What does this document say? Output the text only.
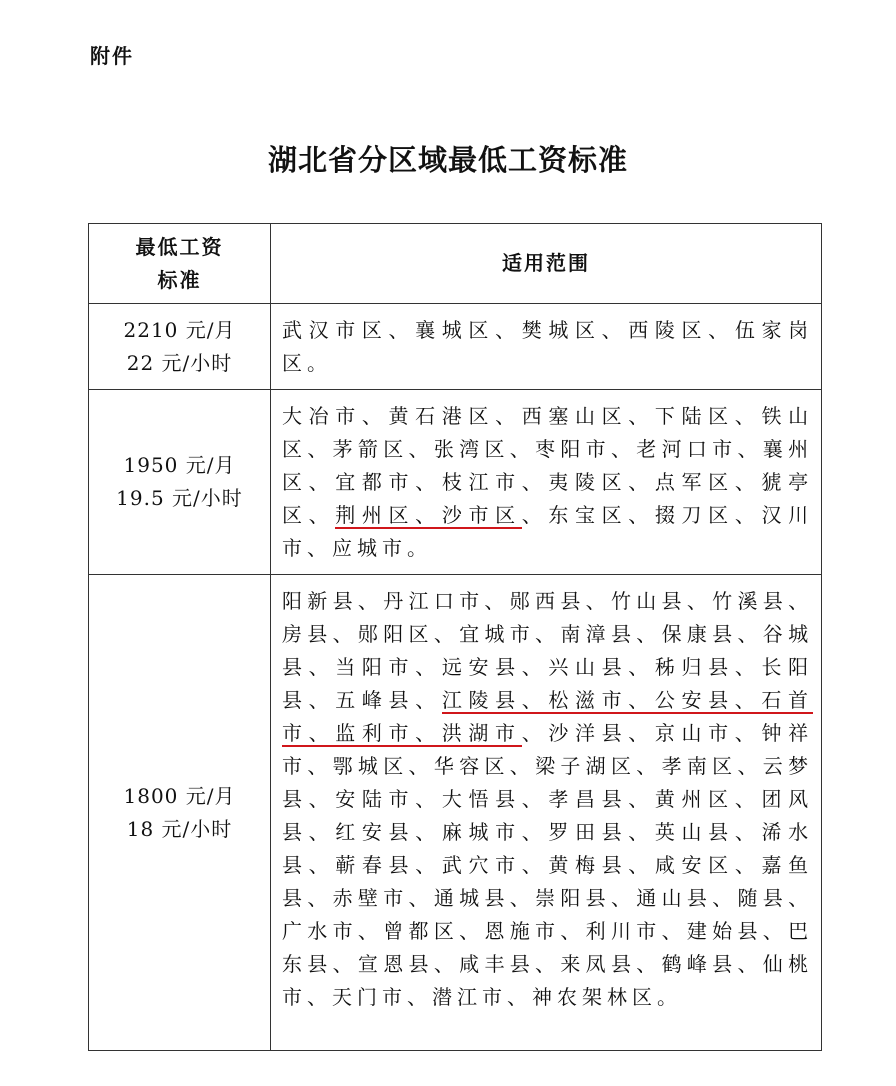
附件
湖北省分区域最低工资标准
最低工资
标准	适用范围

2210 元/月
22 元/小时	武汉市区、襄城区、樊城区、西陵区、伍家岗区。

1950 元/月
19.5 元/小时	大冶市、黄石港区、西塞山区、下陆区、铁山区、茅箭区、张湾区、枣阳市、老河口市、襄州区、宜都市、枝江市、夷陵区、点军区、猇亭区、荆州区、沙市区、东宝区、掇刀区、汉川市、应城市。

1800 元/月
18 元/小时	阳新县、丹江口市、郧西县、竹山县、竹溪县、房县、郧阳区、宜城市、南漳县、保康县、谷城县、当阳市、远安县、兴山县、秭归县、长阳县、五峰县、江陵县、松滋市、公安县、石首市、监利市、洪湖市、沙洋县、京山市、钟祥市、鄂城区、华容区、梁子湖区、孝南区、云梦县、安陆市、大悟县、孝昌县、黄州区、团风县、红安县、麻城市、罗田县、英山县、浠水县、蕲春县、武穴市、黄梅县、咸安区、嘉鱼县、赤壁市、通城县、崇阳县、通山县、随县、广水市、曾都区、恩施市、利川市、建始县、巴东县、宣恩县、咸丰县、来凤县、鹤峰县、仙桃市、天门市、潜江市、神农架林区。
